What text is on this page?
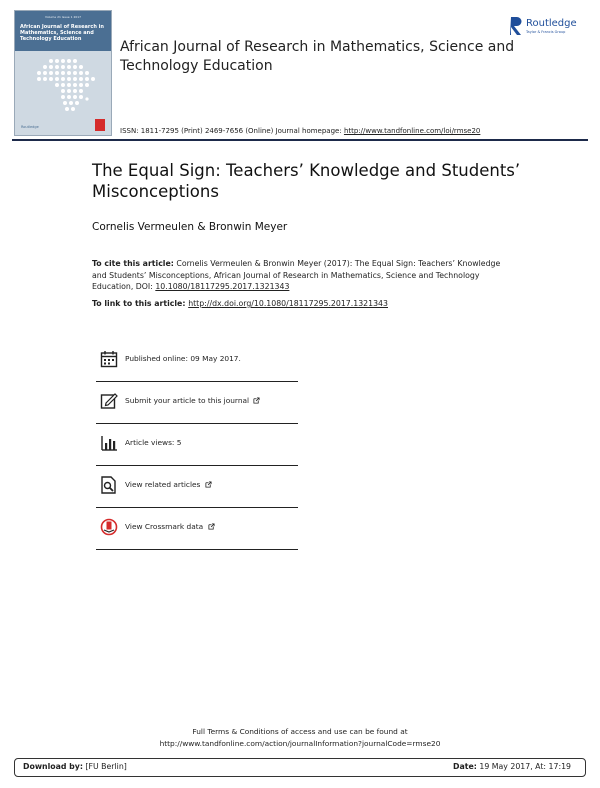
Volume 21 Issue 1 2017
African Journal of Research in Mathematics, Science and Technology Education
Routledge
African Journal of Research in Mathematics, Science and Technology Education
Routledge
Taylor & Francis Group
ISSN: 1811-7295 (Print) 2469-7656 (Online) Journal homepage: http://www.tandfonline.com/loi/rmse20
The Equal Sign: Teachers’ Knowledge and Students’ Misconceptions
Cornelis Vermeulen & Bronwin Meyer
To cite this article: Cornelis Vermeulen & Bronwin Meyer (2017): The Equal Sign: Teachers’ Knowledge and Students’ Misconceptions, African Journal of Research in Mathematics, Science and Technology Education, DOI: 10.1080/18117295.2017.1321343
To link to this article: http://dx.doi.org/10.1080/18117295.2017.1321343
Published online: 09 May 2017.
Submit your article to this journal
Article views: 5
View related articles
View Crossmark data
Full Terms & Conditions of access and use can be found at
http://www.tandfonline.com/action/journalInformation?journalCode=rmse20
Download by: [FU Berlin]	Date: 19 May 2017, At: 17:19
